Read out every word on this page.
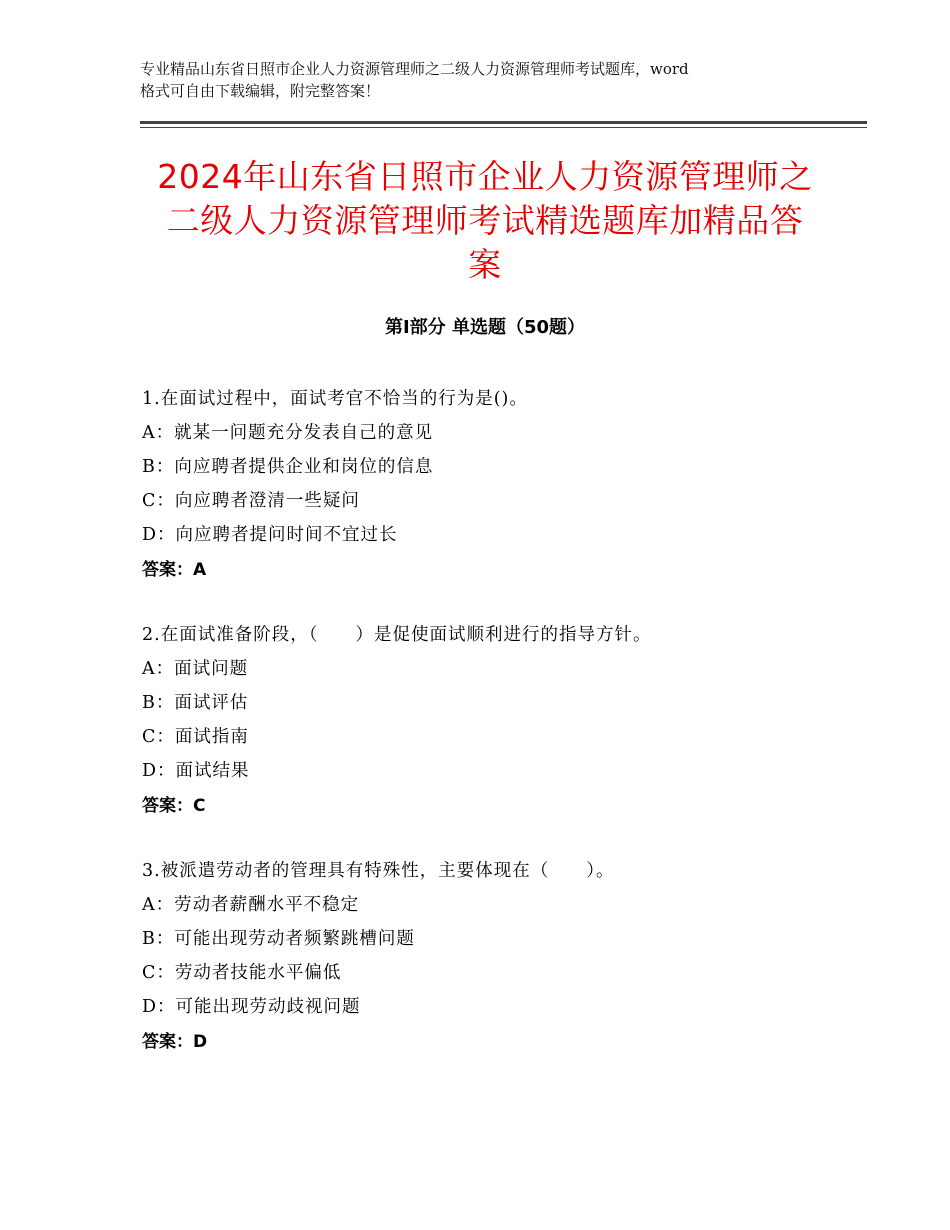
专业精品山东省日照市企业人力资源管理师之二级人力资源管理师考试题库，word
格式可自由下载编辑，附完整答案！
2024年山东省日照市企业人力资源管理师之
二级人力资源管理师考试精选题库加精品答
案
第Ⅰ部分 单选题（50题）
1.在面试过程中，面试考官不恰当的行为是()。
A：就某一问题充分发表自己的意见
B：向应聘者提供企业和岗位的信息
C：向应聘者澄清一些疑问
D：向应聘者提问时间不宜过长
答案：A
2.在面试准备阶段，（　　）是促使面试顺利进行的指导方针。
A：面试问题
B：面试评估
C：面试指南
D：面试结果
答案：C
3.被派遣劳动者的管理具有特殊性，主要体现在（　　）。
A：劳动者薪酬水平不稳定
B：可能出现劳动者频繁跳槽问题
C：劳动者技能水平偏低
D：可能出现劳动歧视问题
答案：D
